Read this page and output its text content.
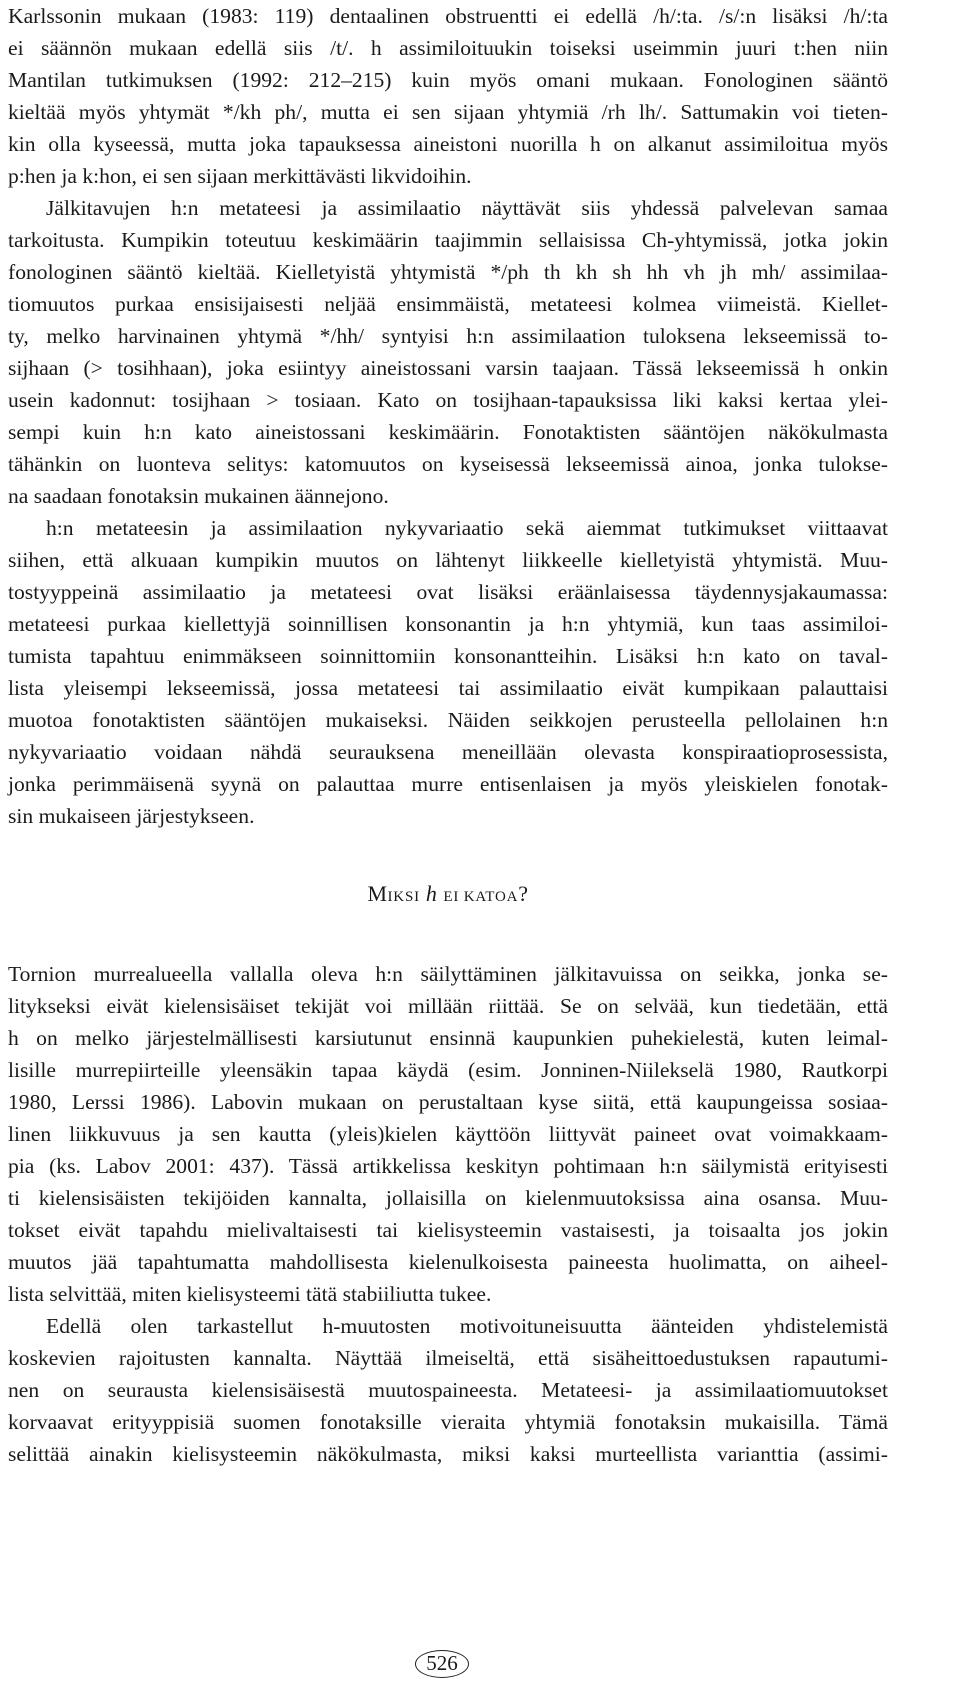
Karlssonin mukaan (1983: 119) dentaalinen obstruentti ei edellä /h/:ta. /s/:n lisäksi /h/:ta
ei säännön mukaan edellä siis /t/. h assimiloituukin toiseksi useimmin juuri t:hen niin
Mantilan tutkimuksen (1992: 212–215) kuin myös omani mukaan. Fonologinen sääntö
kieltää myös yhtymät */kh ph/, mutta ei sen sijaan yhtymiä /rh lh/. Sattumakin voi tieten-
kin olla kyseessä, mutta joka tapauksessa aineistoni nuorilla h on alkanut assimiloitua myös
p:hen ja k:hon, ei sen sijaan merkittävästi likvidoihin.
Jälkitavujen h:n metateesi ja assimilaatio näyttävät siis yhdessä palvelevan samaa
tarkoitusta. Kumpikin toteutuu keskimäärin taajimmin sellaisissa Ch-yhtymissä, jotka jokin
fonologinen sääntö kieltää. Kielletyistä yhtymistä */ph th kh sh hh vh jh mh/ assimilaa-
tiomuutos purkaa ensisijaisesti neljää ensimmäistä, metateesi kolmea viimeistä. Kiellet-
ty, melko harvinainen yhtymä */hh/ syntyisi h:n assimilaation tuloksena lekseemissä to-
sijhaan (> tosihhaan), joka esiintyy aineistossani varsin taajaan. Tässä lekseemissä h onkin
usein kadonnut: tosijhaan > tosiaan. Kato on tosijhaan-tapauksissa liki kaksi kertaa ylei-
sempi kuin h:n kato aineistossani keskimäärin. Fonotaktisten sääntöjen näkökulmasta
tähänkin on luonteva selitys: katomuutos on kyseisessä lekseemissä ainoa, jonka tulokse-
na saadaan fonotaksin mukainen äännejono.
h:n metateesin ja assimilaation nykyvariaatio sekä aiemmat tutkimukset viittaavat
siihen, että alkuaan kumpikin muutos on lähtenyt liikkeelle kielletyistä yhtymistä. Muu-
tostyyppeinä assimilaatio ja metateesi ovat lisäksi eräänlaisessa täydennysjakaumassa:
metateesi purkaa kiellettyjä soinnillisen konsonantin ja h:n yhtymiä, kun taas assimiloi-
tumista tapahtuu enimmäkseen soinnittomiin konsonantteihin. Lisäksi h:n kato on taval-
lista yleisempi lekseemissä, jossa metateesi tai assimilaatio eivät kumpikaan palauttaisi
muotoa fonotaktisten sääntöjen mukaiseksi. Näiden seikkojen perusteella pellolainen h:n
nykyvariaatio voidaan nähdä seurauksena meneillään olevasta konspiraatioprosessista,
jonka perimmäisenä syynä on palauttaa murre entisenlaisen ja myös yleiskielen fonotak-
sin mukaiseen järjestykseen.
MIKSI h EI KATOA?
Tornion murrealueella vallalla oleva h:n säilyttäminen jälkitavuissa on seikka, jonka se-
litykseksi eivät kielensisäiset tekijät voi millään riittää. Se on selvää, kun tiedetään, että
h on melko järjestelmällisesti karsiutunut ensinnä kaupunkien puhekielestä, kuten leimal-
lisille murrepiirteille yleensäkin tapaa käydä (esim. Jonninen-Niilekselä 1980, Rautkorpi
1980, Lerssi 1986). Labovin mukaan on perustaltaan kyse siitä, että kaupungeissa sosiaa-
linen liikkuvuus ja sen kautta (yleis)kielen käyttöön liittyvät paineet ovat voimakkaam-
pia (ks. Labov 2001: 437). Tässä artikkelissa keskityn pohtimaan h:n säilymistä erityisesti
ti kielensisäisten tekijöiden kannalta, jollaisilla on kielenmuutoksissa aina osansa. Muu-
tokset eivät tapahdu mielivaltaisesti tai kielisysteemin vastaisesti, ja toisaalta jos jokin
muutos jää tapahtumatta mahdollisesta kielenulkoisesta paineesta huolimatta, on aiheel-
lista selvittää, miten kielisysteemi tätä stabiiliutta tukee.
Edellä olen tarkastellut h-muutosten motivoituneisuutta äänteiden yhdistelemistä
koskevien rajoitusten kannalta. Näyttää ilmeiseltä, että sisäheittoedustuksen rapautumi-
nen on seurausta kielensisäisestä muutospaineesta. Metateesi- ja assimilaatiomuutokset
korvaavat erityyppisiä suomen fonotaksille vieraita yhtymiä fonotaksin mukaisilla. Tämä
selittää ainakin kielisysteemin näkökulmasta, miksi kaksi murteellista varianttia (assimi-
526
